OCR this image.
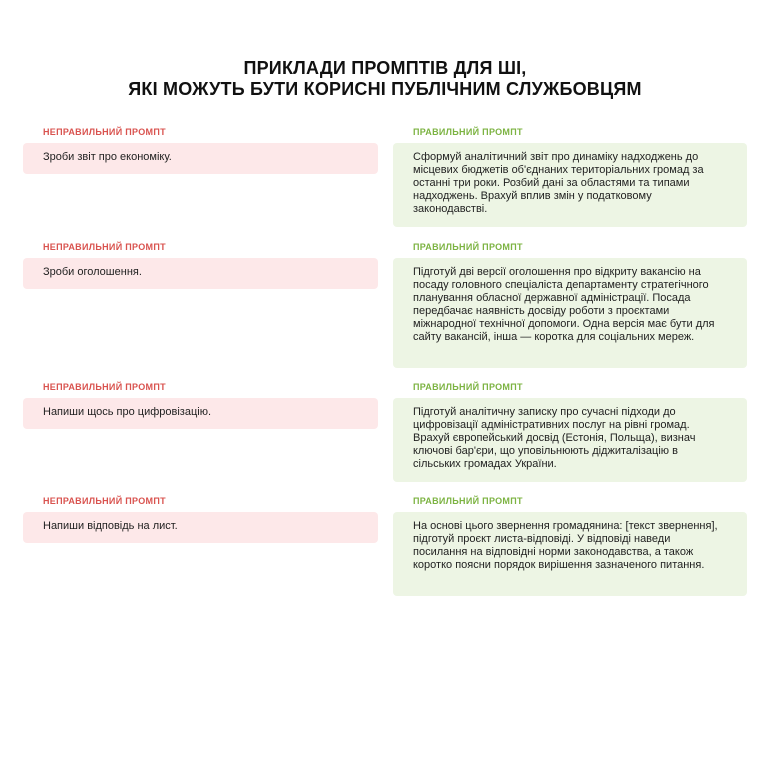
ПРИКЛАДИ ПРОМПТІВ ДЛЯ ШІ,
ЯКІ МОЖУТЬ БУТИ КОРИСНІ ПУБЛІЧНИМ СЛУЖБОВЦЯМ
НЕПРАВИЛЬНИЙ ПРОМПТ
Зроби звіт про економіку.
ПРАВИЛЬНИЙ ПРОМПТ
Сформуй аналітичний звіт про динаміку надходжень до місцевих бюджетів об'єднаних територіальних громад за останні три роки. Розбий дані за областями та типами надходжень. Врахуй вплив змін у податковому законодавстві.
НЕПРАВИЛЬНИЙ ПРОМПТ
Зроби оголошення.
ПРАВИЛЬНИЙ ПРОМПТ
Підготуй дві версії оголошення про відкриту вакансію на посаду головного спеціаліста департаменту стратегічного планування обласної державної адміністрації. Посада передбачає наявність досвіду роботи з проєктами міжнародної технічної допомоги. Одна версія має бути для сайту вакансій, інша — коротка для соціальних мереж.
НЕПРАВИЛЬНИЙ ПРОМПТ
Напиши щось про цифровізацію.
ПРАВИЛЬНИЙ ПРОМПТ
Підготуй аналітичну записку про сучасні підходи до цифровізації адміністративних послуг на рівні громад. Врахуй європейський досвід (Естонія, Польща), визнач ключові бар'єри, що уповільнюють діджиталізацію в сільських громадах України.
НЕПРАВИЛЬНИЙ ПРОМПТ
Напиши відповідь на лист.
ПРАВИЛЬНИЙ ПРОМПТ
На основі цього звернення громадянина: [текст звернення], підготуй проєкт листа-відповіді. У відповіді наведи посилання на відповідні норми законодавства, а також коротко поясни порядок вирішення зазначеного питання.
